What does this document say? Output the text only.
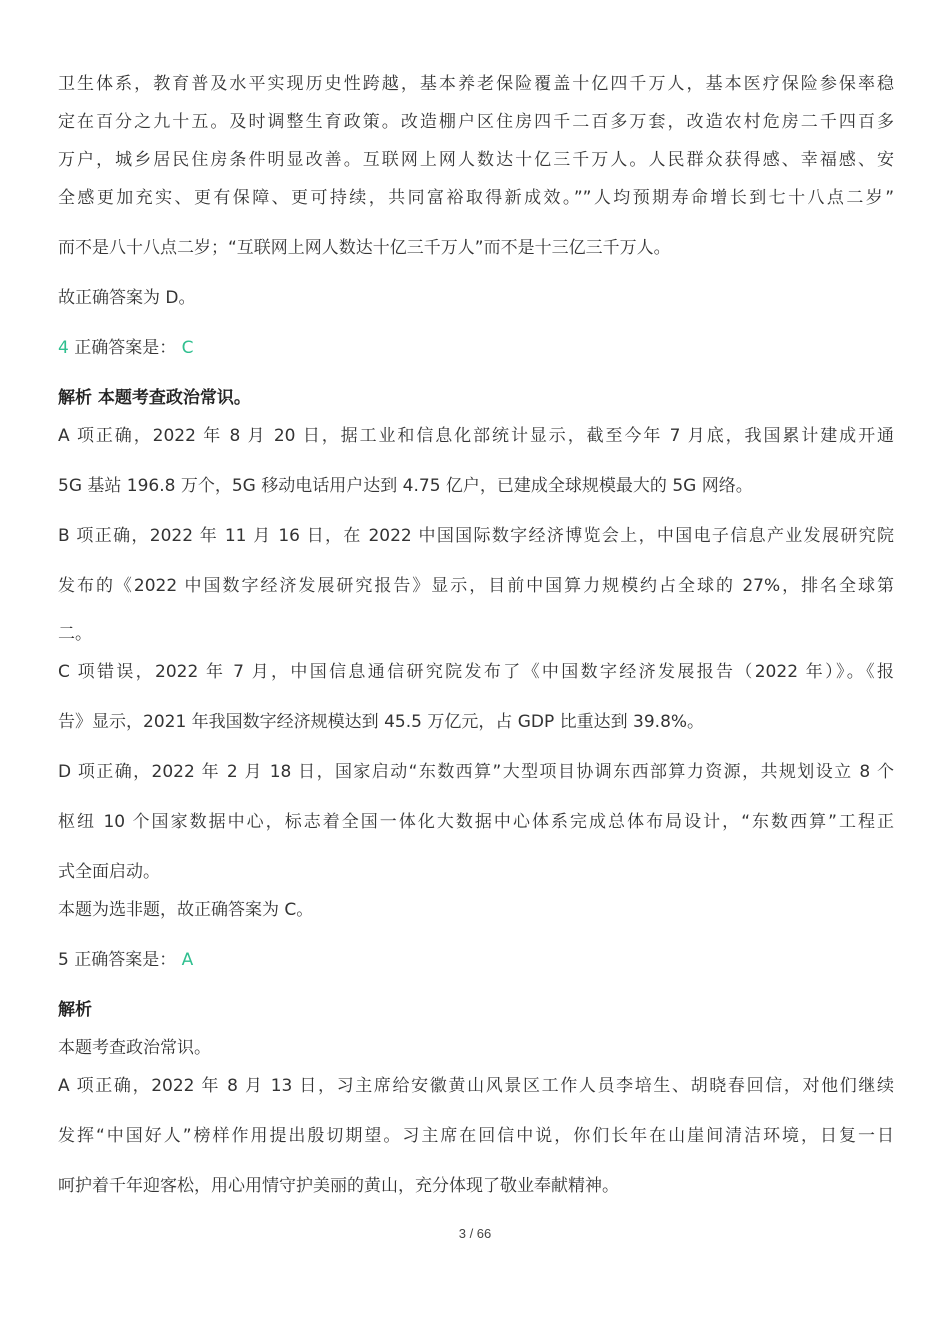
卫生体系，教育普及水平实现历史性跨越，基本养老保险覆盖十亿四千万人，基本医疗保险参保率稳
定在百分之九十五。及时调整生育政策。改造棚户区住房四千二百多万套，改造农村危房二千四百多
万户，城乡居民住房条件明显改善。互联网上网人数达十亿三千万人。人民群众获得感、幸福感、安
全感更加充实、更有保障、更可持续，共同富裕取得新成效。””人均预期寿命增长到七十八点二岁”
而不是八十八点二岁；“互联网上网人数达十亿三千万人”而不是十三亿三千万人。
故正确答案为 D。
4 正确答案是： C
解析 本题考查政治常识。
A 项正确，2022 年 8 月 20 日，据工业和信息化部统计显示，截至今年 7 月底，我国累计建成开通
5G 基站 196.8 万个，5G 移动电话用户达到 4.75 亿户，已建成全球规模最大的 5G 网络。
B 项正确，2022 年 11 月 16 日，在 2022 中国国际数字经济博览会上，中国电子信息产业发展研究院
发布的《2022 中国数字经济发展研究报告》显示，目前中国算力规模约占全球的 27%，排名全球第
二。
C 项错误，2022 年 7 月，中国信息通信研究院发布了《中国数字经济发展报告（2022 年）》。《报
告》显示，2021 年我国数字经济规模达到 45.5 万亿元，占 GDP 比重达到 39.8%。
D 项正确，2022 年 2 月 18 日，国家启动“东数西算”大型项目协调东西部算力资源，共规划设立 8 个
枢纽 10 个国家数据中心，标志着全国一体化大数据中心体系完成总体布局设计，“东数西算”工程正
式全面启动。
本题为选非题，故正确答案为 C。
5 正确答案是： A
解析
本题考查政治常识。
A 项正确，2022 年 8 月 13 日，习主席给安徽黄山风景区工作人员李培生、胡晓春回信，对他们继续
发挥“中国好人”榜样作用提出殷切期望。习主席在回信中说，你们长年在山崖间清洁环境，日复一日
呵护着千年迎客松，用心用情守护美丽的黄山，充分体现了敬业奉献精神。
3 / 66
